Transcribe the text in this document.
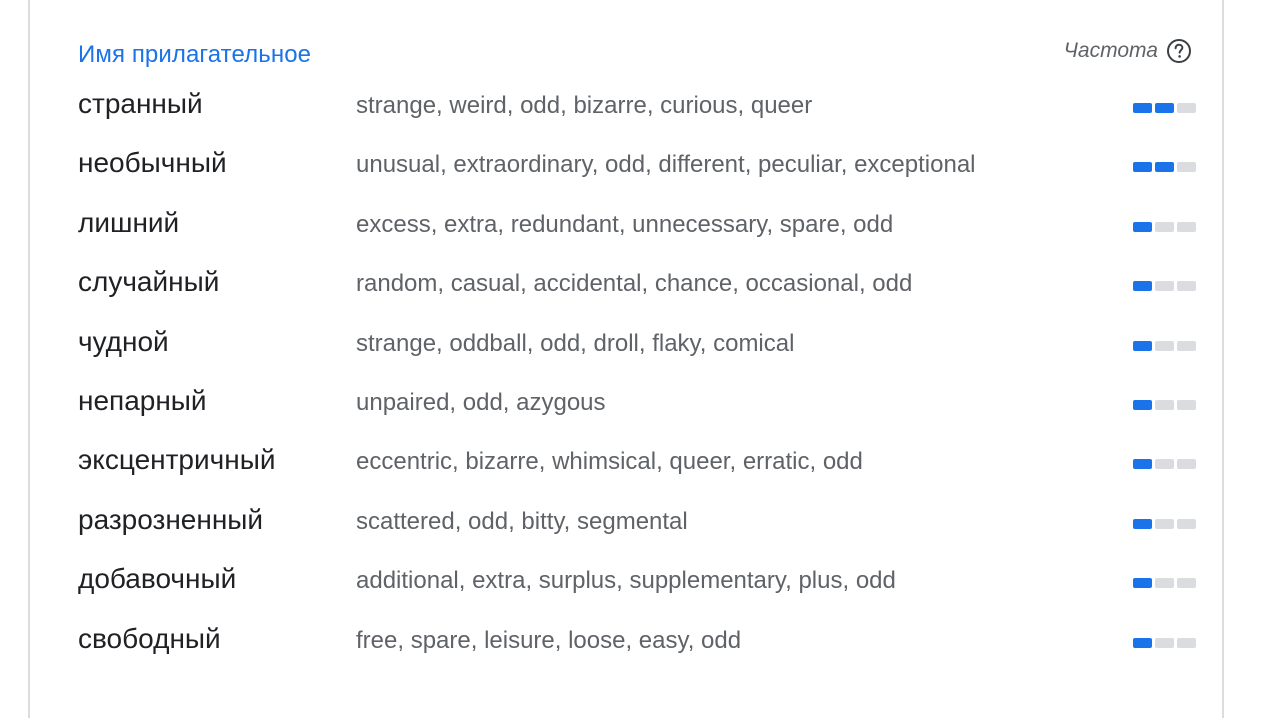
Имя прилагательное	Частота
странный	strange, weird, odd, bizarre, curious, queer
необычный	unusual, extraordinary, odd, different, peculiar, exceptional
лишний	excess, extra, redundant, unnecessary, spare, odd
случайный	random, casual, accidental, chance, occasional, odd
чудной	strange, oddball, odd, droll, flaky, comical
непарный	unpaired, odd, azygous
эксцентричный	eccentric, bizarre, whimsical, queer, erratic, odd
разрозненный	scattered, odd, bitty, segmental
добавочный	additional, extra, surplus, supplementary, plus, odd
свободный	free, spare, leisure, loose, easy, odd
